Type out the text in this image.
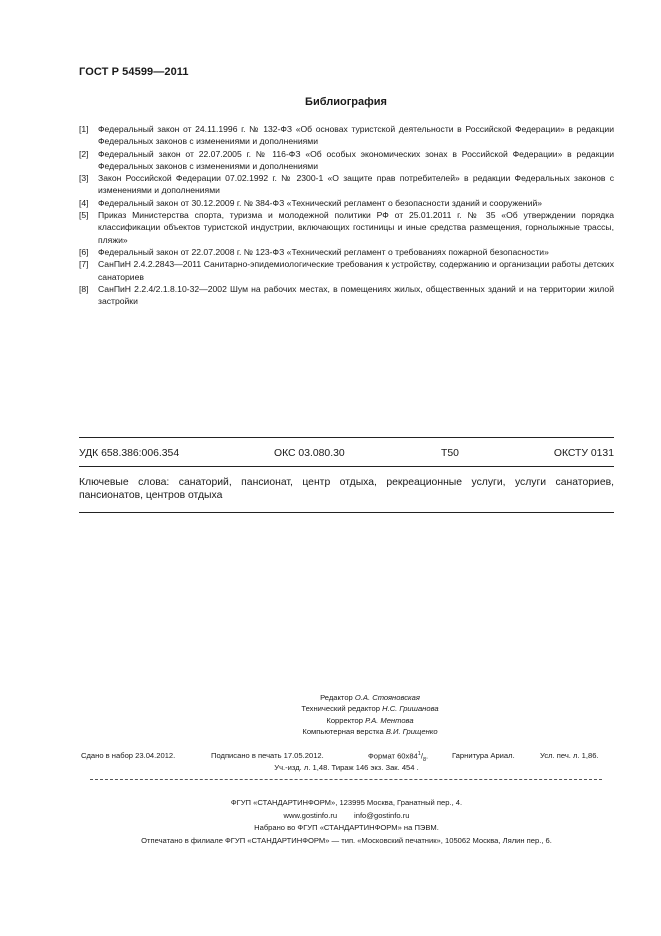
ГОСТ Р 54599—2011
Библиография
[1]	Федеральный закон от 24.11.1996 г. № 132-ФЗ «Об основах туристской деятельности в Российской Федерации» в редакции Федеральных законов с изменениями и дополнениями
[2]	Федеральный закон от 22.07.2005 г. № 116-ФЗ «Об особых экономических зонах в Российской Федерации» в редакции Федеральных законов с изменениями и дополнениями
[3]	Закон Российской Федерации 07.02.1992 г. № 2300-1 «О защите прав потребителей» в редакции Федеральных законов с изменениями и дополнениями
[4]	Федеральный закон от 30.12.2009 г. № 384-ФЗ «Технический регламент о безопасности зданий и сооружений»
[5]	Приказ Министерства спорта, туризма и молодежной политики РФ от 25.01.2011 г. № 35 «Об утверждении порядка классификации объектов туристской индустрии, включающих гостиницы и иные средства размещения, горнолыжные трассы, пляжи»
[6]	Федеральный закон от 22.07.2008 г. № 123-ФЗ «Технический регламент о требованиях пожарной безопасности»
[7]	СанПиН 2.4.2.2843—2011 Санитарно-эпидемиологические требования к устройству, содержанию и организации работы детских санаториев
[8]	СанПиН 2.2.4/2.1.8.10-32—2002 Шум на рабочих местах, в помещениях жилых, общественных зданий и на территории жилой застройки
УДК 658.386:006.354	ОКС 03.080.30	Т50	ОКСТУ 0131
Ключевые слова: санаторий, пансионат, центр отдыха, рекреационные услуги, услуги санаториев, пансионатов, центров отдыха
Редактор О.А. Стояновская
Технический редактор Н.С. Гришанова
Корректор Р.А. Ментова
Компьютерная верстка В.И. Грищенко
Сдано в набор 23.04.2012.	Подписано в печать 17.05.2012.	Формат $60х84^1/_8$.	Гарнитура Ариал.	Усл. печ. л. 1,86.
Уч.-изд. л. 1,48. Тираж 146 экз. Зак. 454 .
ФГУП «СТАНДАРТИНФОРМ», 123995 Москва, Гранатный пер., 4.
www.gostinfo.ru info@gostinfo.ru
Набрано во ФГУП «СТАНДАРТИНФОРМ» на ПЭВМ.
Отпечатано в филиале ФГУП «СТАНДАРТИНФОРМ» — тип. «Московский печатник», 105062 Москва, Лялин пер., 6.
